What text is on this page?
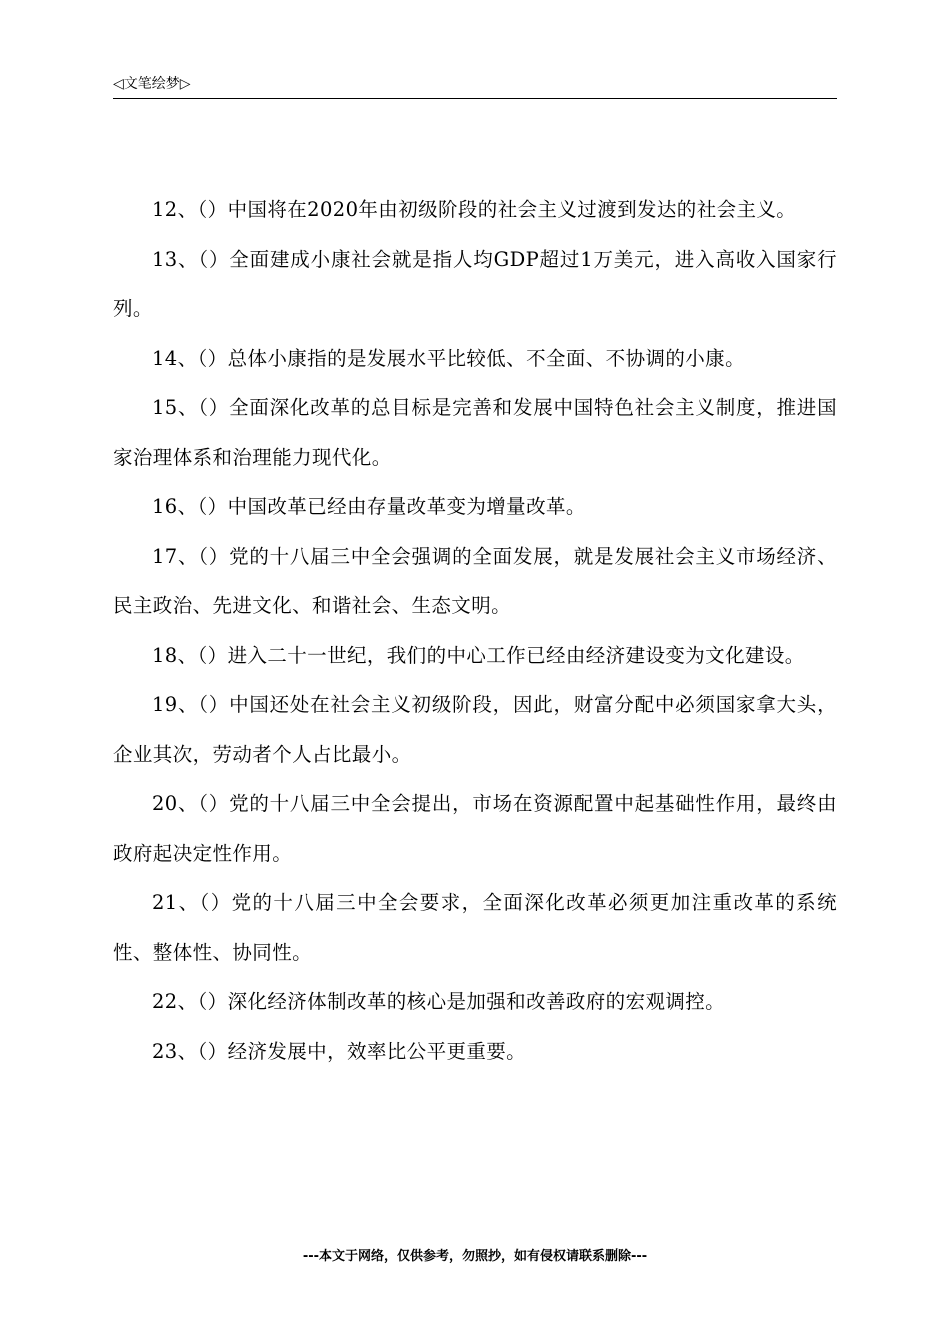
◁文笔绘梦▷

12、（）中国将在2020年由初级阶段的社会主义过渡到发达的社会主义。

13、（）全面建成小康社会就是指人均GDP超过1万美元，进入高收入国家行列。

14、（）总体小康指的是发展水平比较低、不全面、不协调的小康。

15、（）全面深化改革的总目标是完善和发展中国特色社会主义制度，推进国家治理体系和治理能力现代化。

16、（）中国改革已经由存量改革变为增量改革。

17、（）党的十八届三中全会强调的全面发展，就是发展社会主义市场经济、民主政治、先进文化、和谐社会、生态文明。

18、（）进入二十一世纪，我们的中心工作已经由经济建设变为文化建设。

19、（）中国还处在社会主义初级阶段，因此，财富分配中必须国家拿大头，企业其次，劳动者个人占比最小。

20、（）党的十八届三中全会提出，市场在资源配置中起基础性作用，最终由政府起决定性作用。

21、（）党的十八届三中全会要求，全面深化改革必须更加注重改革的系统性、整体性、协同性。

22、（）深化经济体制改革的核心是加强和改善政府的宏观调控。

23、（）经济发展中，效率比公平更重要。

---本文于网络，仅供参考，勿照抄，如有侵权请联系删除---
